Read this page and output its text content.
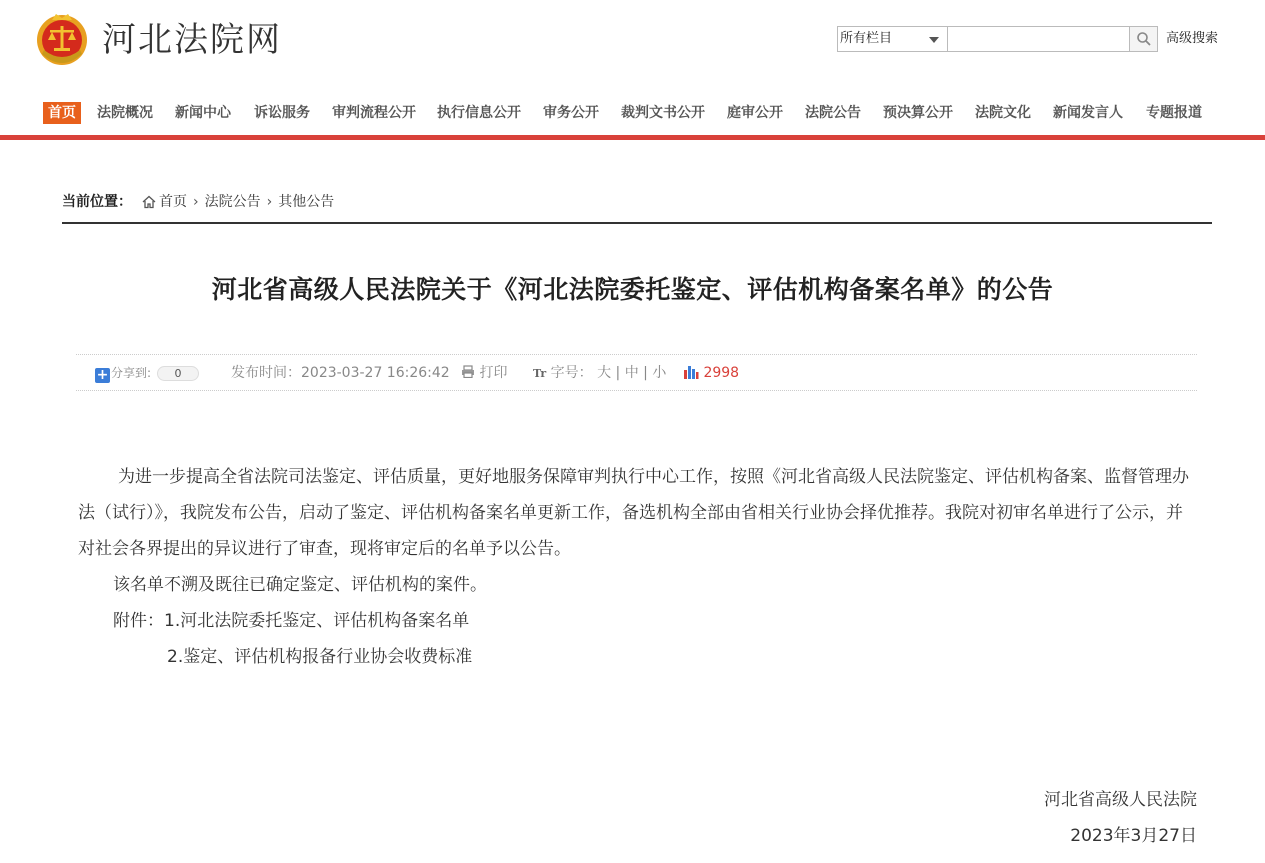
河北法院网	所有栏目	高级搜索
首页	法院概况 新闻中心 诉讼服务 审判流程公开 执行信息公开 审务公开 裁判文书公开 庭审公开 法院公告 预决算公开 法院文化 新闻发言人 专题报道
当前位置： 首页 › 法院公告 › 其他公告
河北省高级人民法院关于《河北法院委托鉴定、评估机构备案名单》的公告
+ 分享到: 0	发布时间：2023-03-27 16:26:42	打印 Tr 字号： 大 | 中 | 小	2998

为进一步提高全省法院司法鉴定、评估质量，更好地服务保障审判执行中心工作，按照《河北省高级人民法院鉴定、评估机构备案、监督管理办法（试行）》，我院发布公告，启动了鉴定、评估机构备案名单更新工作，备选机构全部由省相关行业协会择优推荐。我院对初审名单进行了公示，并对社会各界提出的异议进行了审查，现将审定后的名单予以公告。

该名单不溯及既往已确定鉴定、评估机构的案件。

附件：1.河北法院委托鉴定、评估机构备案名单

2.鉴定、评估机构报备行业协会收费标准

河北省高级人民法院
2023年3月27日
